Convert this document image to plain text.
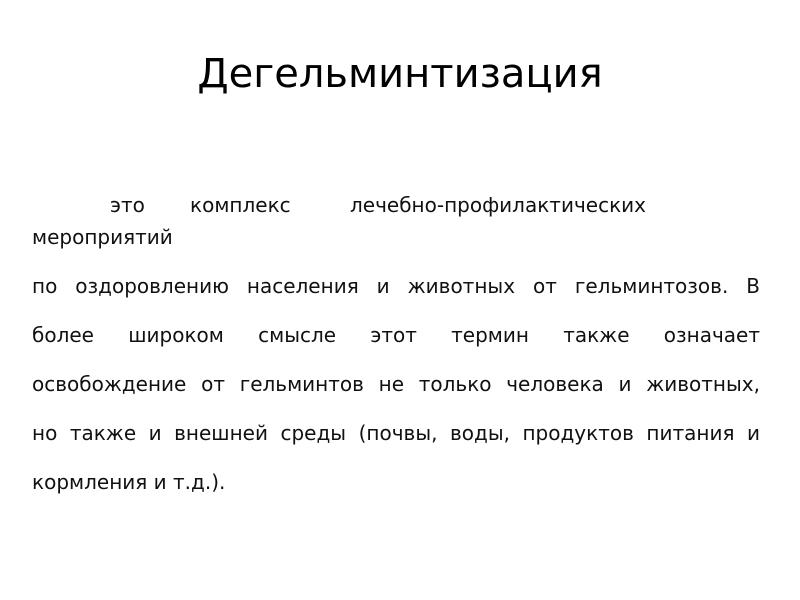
Дегельминтизация
это комплекс	лечебно-профилактических
мероприятий
по оздоровлению населения и животных от гельминтозов. В
более широком смысле этот термин также означает
освобождение от гельминтов не только человека и животных,
но также и внешней среды (почвы, воды, продуктов питания и
кормления и т.д.).
